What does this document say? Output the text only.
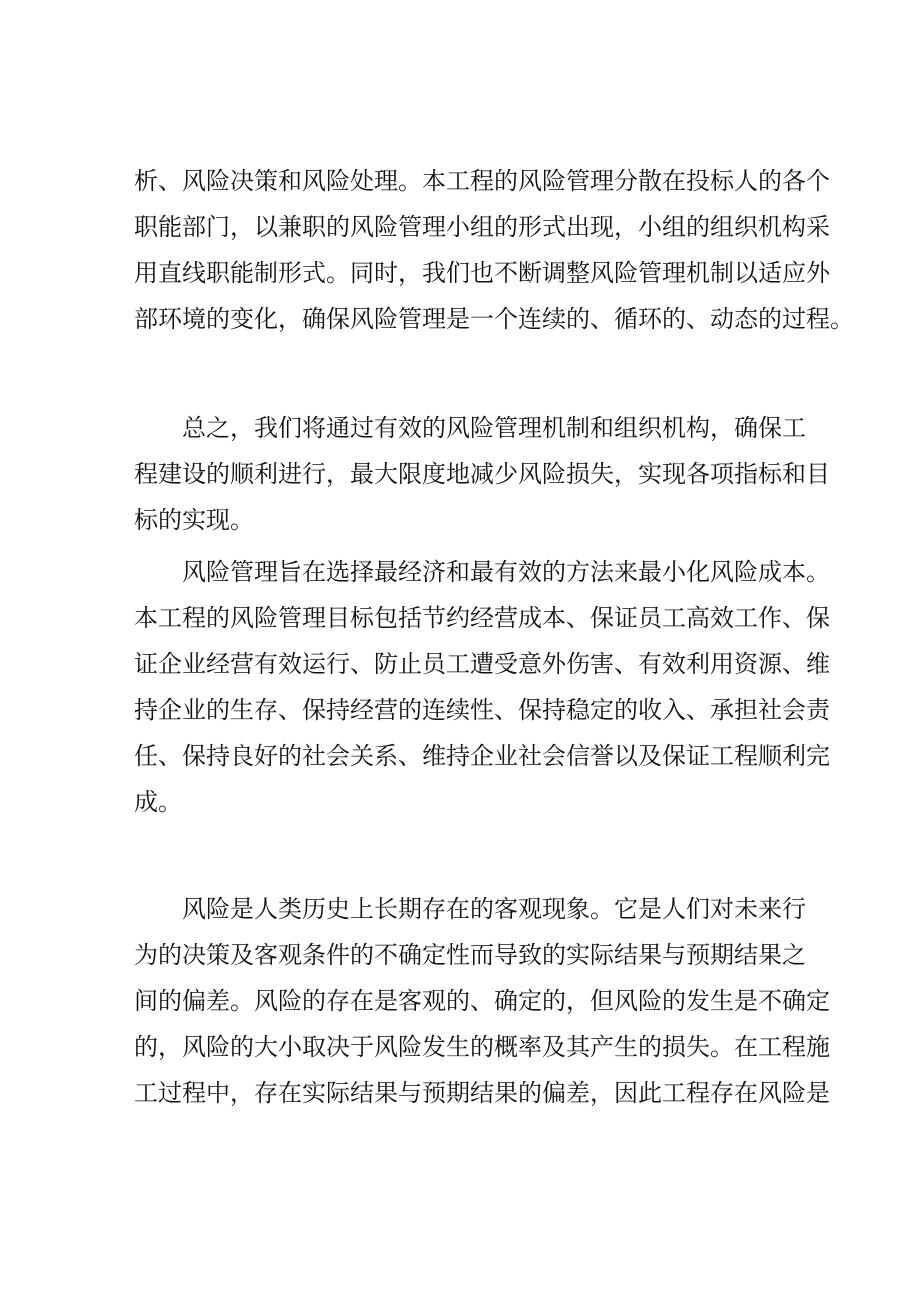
析、风险决策和风险处理。本工程的风险管理分散在投标人的各个
职能部门，以兼职的风险管理小组的形式出现，小组的组织机构采
用直线职能制形式。同时，我们也不断调整风险管理机制以适应外
部环境的变化，确保风险管理是一个连续的、循环的、动态的过程。
总之，我们将通过有效的风险管理机制和组织机构，确保工
程建设的顺利进行，最大限度地减少风险损失，实现各项指标和目
标的实现。
风险管理旨在选择最经济和最有效的方法来最小化风险成本。
本工程的风险管理目标包括节约经营成本、保证员工高效工作、保
证企业经营有效运行、防止员工遭受意外伤害、有效利用资源、维
持企业的生存、保持经营的连续性、保持稳定的收入、承担社会责
任、保持良好的社会关系、维持企业社会信誉以及保证工程顺利完
成。
风险是人类历史上长期存在的客观现象。它是人们对未来行
为的决策及客观条件的不确定性而导致的实际结果与预期结果之
间的偏差。风险的存在是客观的、确定的，但风险的发生是不确定
的，风险的大小取决于风险发生的概率及其产生的损失。在工程施
工过程中，存在实际结果与预期结果的偏差，因此工程存在风险是
